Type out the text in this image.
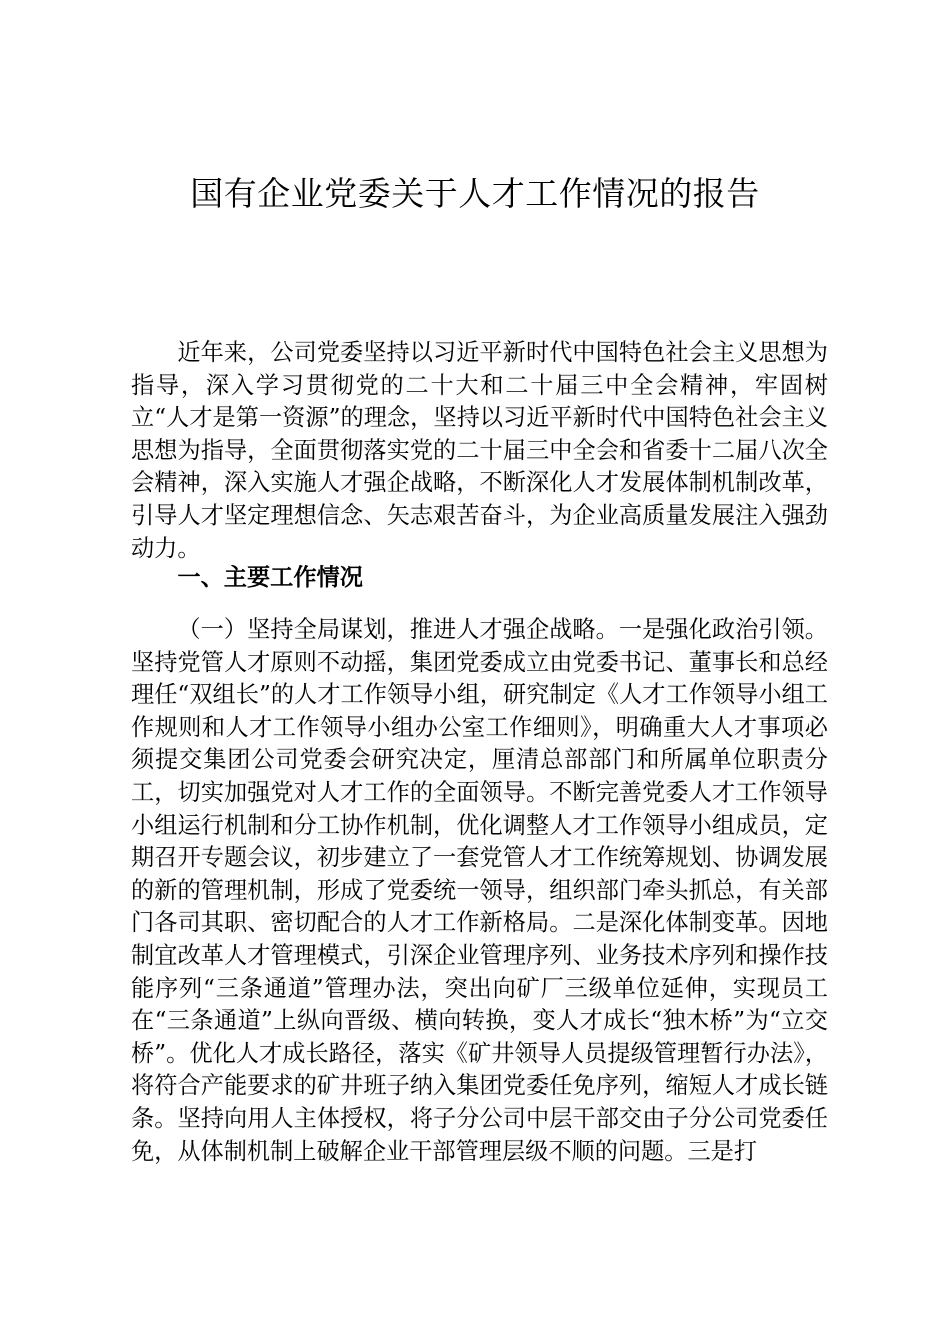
国有企业党委关于人才工作情况的报告

近年来，公司党委坚持以习近平新时代中国特色社会主义思想为指导，深入学习贯彻党的二十大和二十届三中全会精神，牢固树立“人才是第一资源”的理念，坚持以习近平新时代中国特色社会主义思想为指导，全面贯彻落实党的二十届三中全会和省委十二届八次全会精神，深入实施人才强企战略，不断深化人才发展体制机制改革，引导人才坚定理想信念、矢志艰苦奋斗，为企业高质量发展注入强劲动力。

一、主要工作情况

（一）坚持全局谋划，推进人才强企战略。一是强化政治引领。坚持党管人才原则不动摇，集团党委成立由党委书记、董事长和总经理任“双组长”的人才工作领导小组，研究制定《人才工作领导小组工作规则和人才工作领导小组办公室工作细则》，明确重大人才事项必须提交集团公司党委会研究决定，厘清总部部门和所属单位职责分工，切实加强党对人才工作的全面领导。不断完善党委人才工作领导小组运行机制和分工协作机制，优化调整人才工作领导小组成员，定期召开专题会议，初步建立了一套党管人才工作统筹规划、协调发展的新的管理机制，形成了党委统一领导，组织部门牵头抓总，有关部门各司其职、密切配合的人才工作新格局。二是深化体制变革。因地制宜改革人才管理模式，引深企业管理序列、业务技术序列和操作技能序列“三条通道”管理办法，突出向矿厂三级单位延伸，实现员工在“三条通道”上纵向晋级、横向转换，变人才成长“独木桥”为“立交桥”。优化人才成长路径，落实《矿井领导人员提级管理暂行办法》，将符合产能要求的矿井班子纳入集团党委任免序列，缩短人才成长链条。坚持向用人主体授权，将子分公司中层干部交由子分公司党委任免，从体制机制上破解企业干部管理层级不顺的问题。三是打
